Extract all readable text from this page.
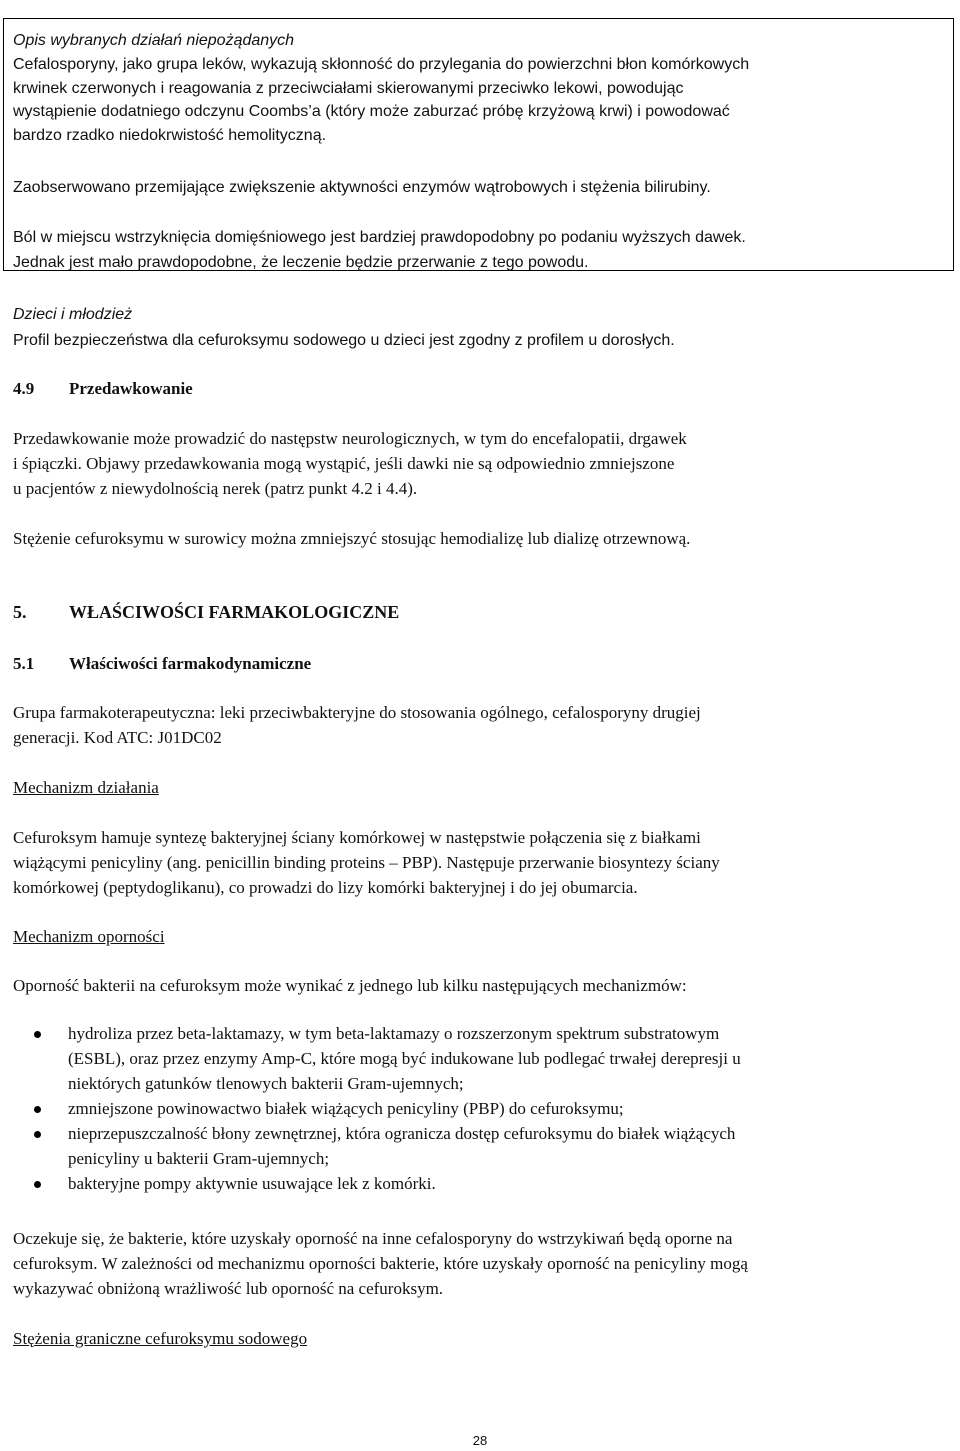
Opis wybranych działań niepożądanych

Cefalosporyny, jako grupa leków, wykazują skłonność do przylegania do powierzchni błon komórkowych
krwinek czerwonych i reagowania z przeciwciałami skierowanymi przeciwko lekowi, powodując
wystąpienie dodatniego odczynu Coombs’a (który może zaburzać próbę krzyżową krwi) i powodować
bardzo rzadko niedokrwistość hemolityczną.

Zaobserwowano przemijające zwiększenie aktywności enzymów wątrobowych i stężenia bilirubiny.

Ból w miejscu wstrzyknięcia domięśniowego jest bardziej prawdopodobny po podaniu wyższych dawek.
Jednak jest mało prawdopodobne, że leczenie będzie przerwanie z tego powodu.

Dzieci i młodzież

Profil bezpieczeństwa dla cefuroksymu sodowego u dzieci jest zgodny z profilem u dorosłych.

4.9 Przedawkowanie

Przedawkowanie może prowadzić do następstw neurologicznych, w tym do encefalopatii, drgawek
i śpiączki. Objawy przedawkowania mogą wystąpić, jeśli dawki nie są odpowiednio zmniejszone
u pacjentów z niewydolnością nerek (patrz punkt 4.2 i 4.4).

Stężenie cefuroksymu w surowicy można zmniejszyć stosując hemodializę lub dializę otrzewnową.

5. WŁAŚCIWOŚCI FARMAKOLOGICZNE

5.1 Właściwości farmakodynamiczne

Grupa farmakoterapeutyczna: leki przeciwbakteryjne do stosowania ogólnego, cefalosporyny drugiej
generacji. Kod ATC: J01DC02

Mechanizm działania

Cefuroksym hamuje syntezę bakteryjnej ściany komórkowej w następstwie połączenia się z białkami
wiążącymi penicyliny (ang. penicillin binding proteins – PBP). Następuje przerwanie biosyntezy ściany
komórkowej (peptydoglikanu), co prowadzi do lizy komórki bakteryjnej i do jej obumarcia.

Mechanizm oporności

Oporność bakterii na cefuroksym może wynikać z jednego lub kilku następujących mechanizmów:

hydroliza przez beta-laktamazy, w tym beta-laktamazy o rozszerzonym spektrum substratowym
(ESBL), oraz przez enzymy Amp-C, które mogą być indukowane lub podlegać trwałej derepresji u
niektórych gatunków tlenowych bakterii Gram-ujemnych;
zmniejszone powinowactwo białek wiążących penicyliny (PBP) do cefuroksymu;
nieprzepuszczalność błony zewnętrznej, która ogranicza dostęp cefuroksymu do białek wiążących
penicyliny u bakterii Gram-ujemnych;
bakteryjne pompy aktywnie usuwające lek z komórki.

Oczekuje się, że bakterie, które uzyskały oporność na inne cefalosporyny do wstrzykiwań będą oporne na
cefuroksym. W zależności od mechanizmu oporności bakterie, które uzyskały oporność na penicyliny mogą
wykazywać obniżoną wrażliwość lub oporność na cefuroksym.

Stężenia graniczne cefuroksymu sodowego

28
